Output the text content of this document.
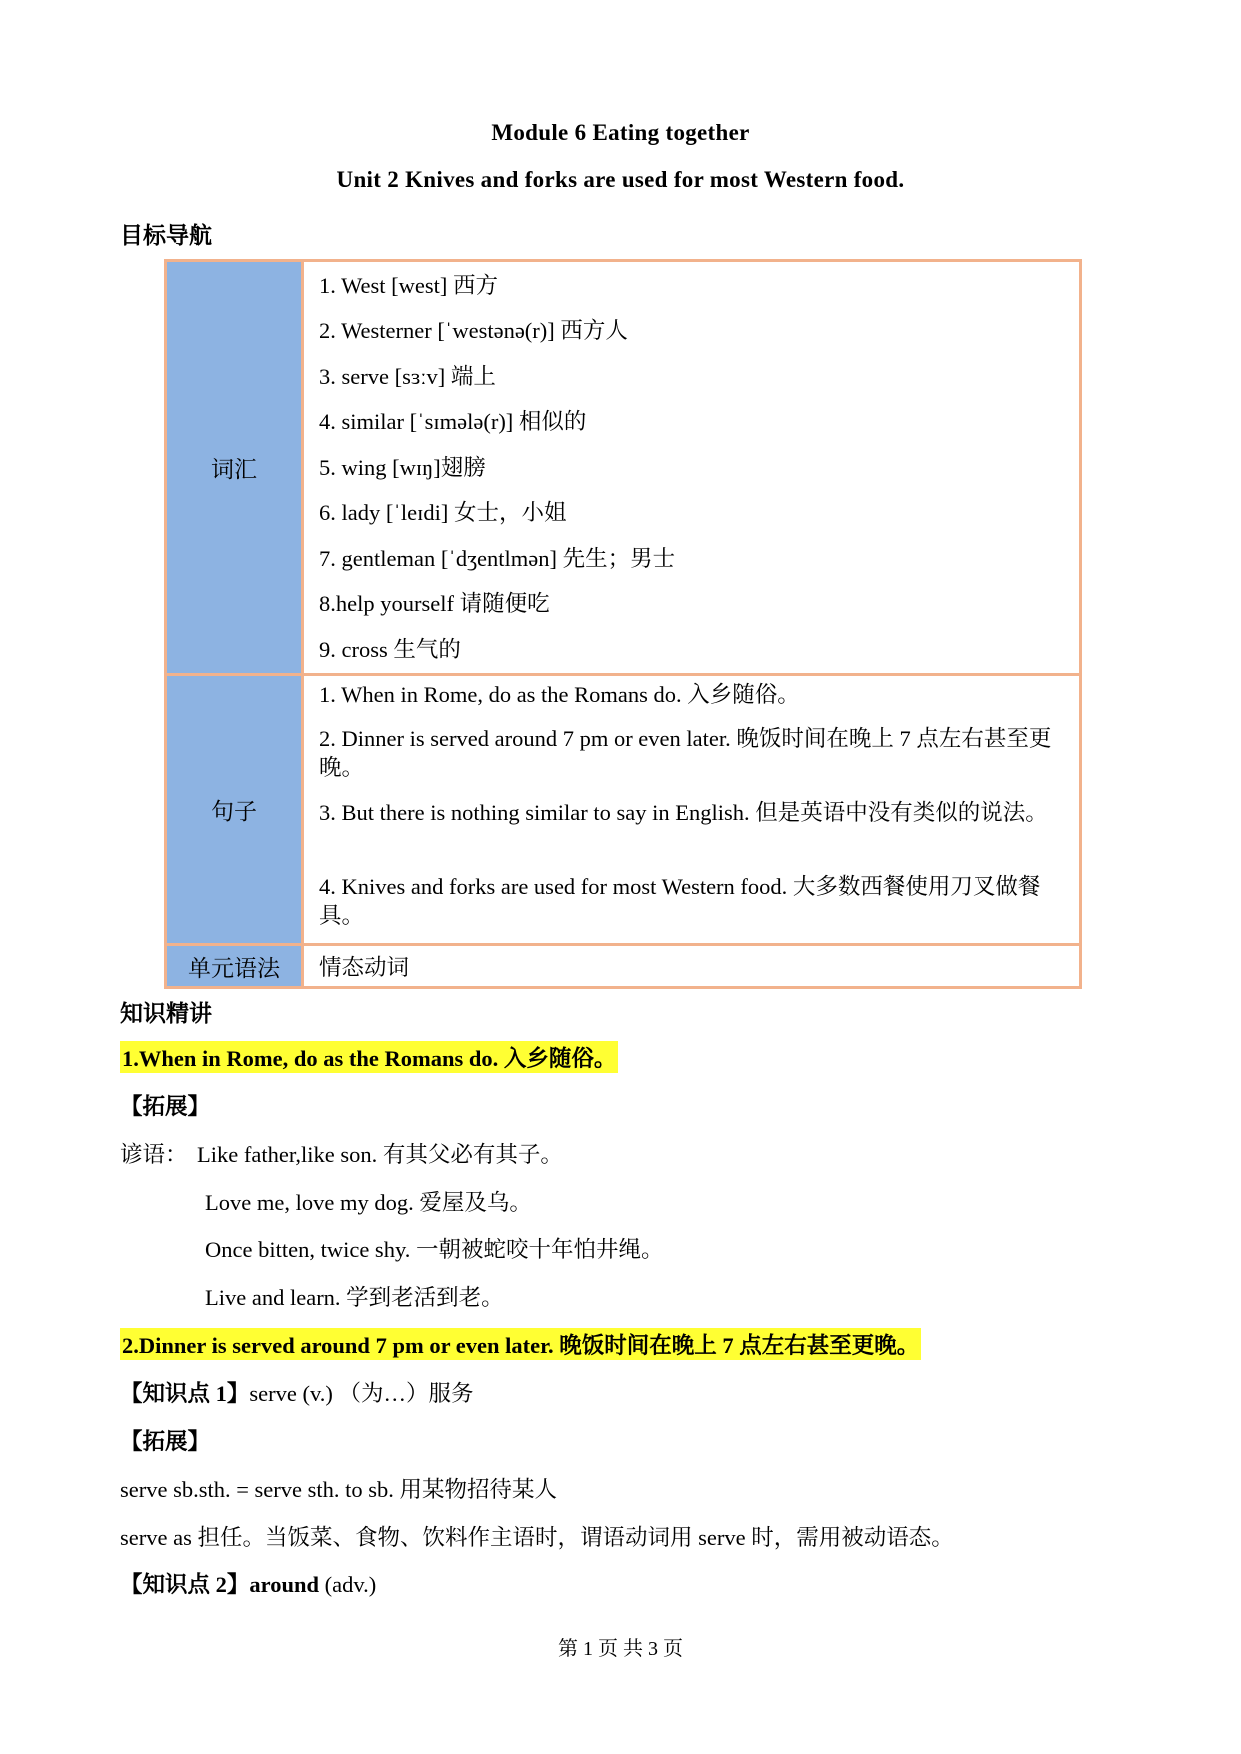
Module 6 Eating together
Unit 2 Knives and forks are used for most Western food.
目标导航
词汇
1. West [west] 西方
2. Westerner [ˈwestənə(r)] 西方人
3. serve [sɜːv] 端上
4. similar [ˈsɪmələ(r)] 相似的
5. wing [wɪŋ]翅膀
6. lady [ˈleɪdi] 女士，小姐
7. gentleman [ˈdʒentlmən] 先生；男士
8.help yourself 请随便吃
9. cross 生气的
句子
1. When in Rome, do as the Romans do. 入乡随俗。
2. Dinner is served around 7 pm or even later. 晚饭时间在晚上 7 点左右甚至更晚。
3. But there is nothing similar to say in English. 但是英语中没有类似的说法。
4. Knives and forks are used for most Western food. 大多数西餐使用刀叉做餐具。
单元语法	情态动词
知识精讲
1.When in Rome, do as the Romans do. 入乡随俗。
【拓展】
谚语： Like father,like son. 有其父必有其子。
Love me, love my dog. 爱屋及乌。
Once bitten, twice shy. 一朝被蛇咬十年怕井绳。
Live and learn. 学到老活到老。
2.Dinner is served around 7 pm or even later. 晚饭时间在晚上 7 点左右甚至更晚。
【知识点 1】serve (v.) （为…）服务
【拓展】
serve sb.sth. = serve sth. to sb. 用某物招待某人
serve as 担任。当饭菜、食物、饮料作主语时，谓语动词用 serve 时，需用被动语态。
【知识点 2】around (adv.)
第 1 页 共 3 页
